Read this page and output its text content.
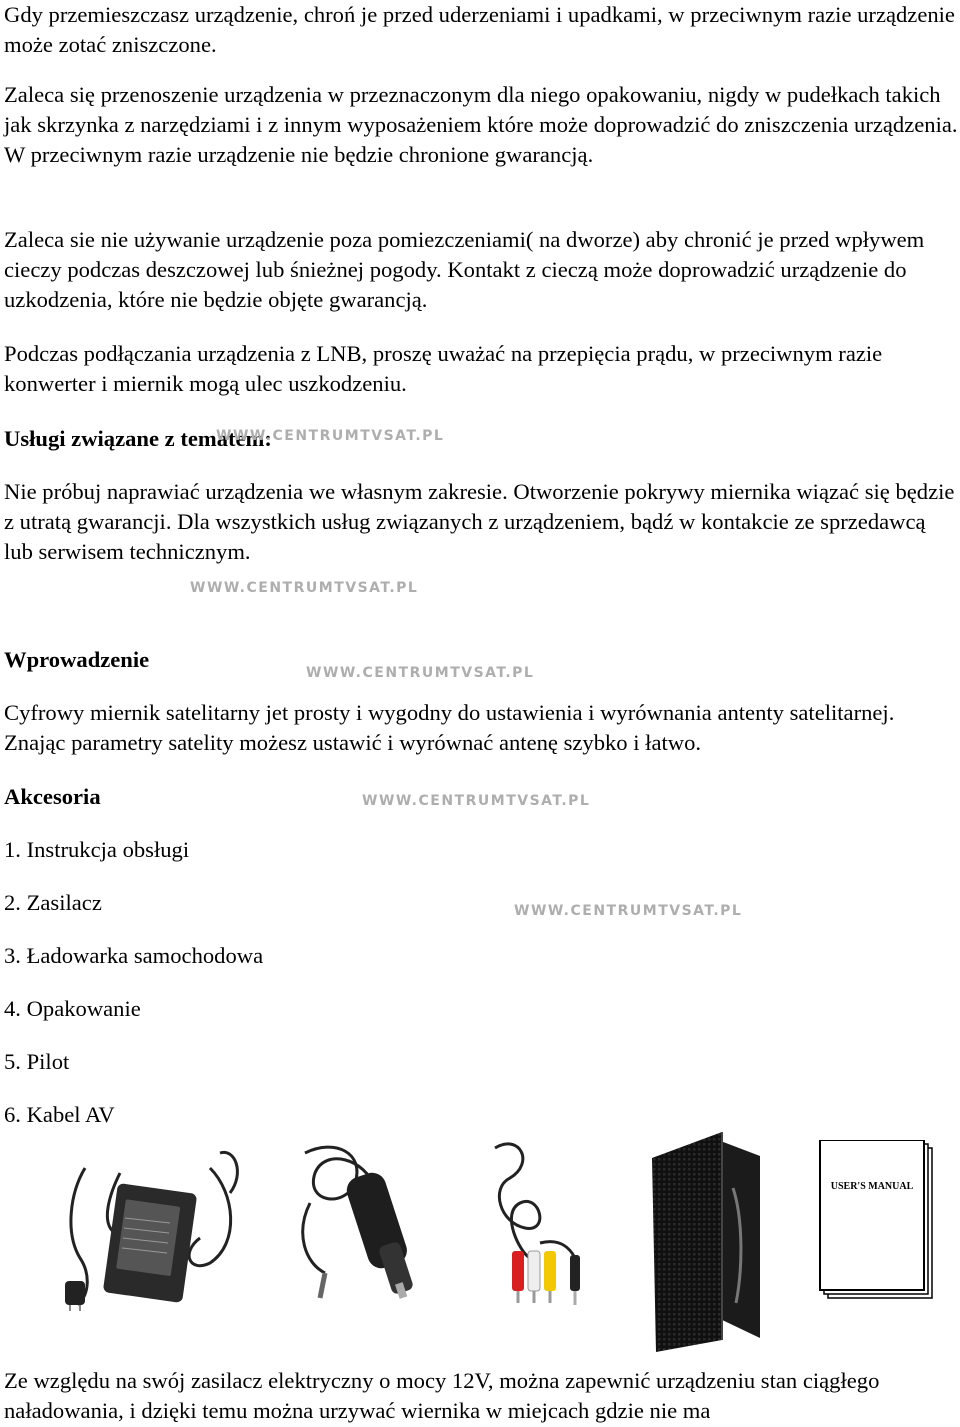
Gdy przemieszczasz urządzenie, chroń je przed uderzeniami i upadkami, w przeciwnym razie urządzenie może zotać zniszczone.

Zaleca się przenoszenie urządzenia w przeznaczonym dla niego opakowaniu, nigdy w pudełkach takich jak skrzynka z narzędziami i z innym wyposażeniem które może doprowadzić do zniszczenia urządzenia. W przeciwnym razie urządzenie nie będzie chronione gwarancją.

Zaleca sie nie używanie urządzenie poza pomiezczeniami( na dworze) aby chronić je przed wpływem cieczy podczas deszczowej lub śnieżnej pogody. Kontakt z cieczą może doprowadzić urządzenie do uzkodzenia, które nie będzie objęte gwarancją.

Podczas podłączania urządzenia z LNB, proszę uważać na przepięcia prądu, w przeciwnym razie konwerter i miernik mogą ulec uszkodzeniu.

Usługi związane z tematem:

Nie próbuj naprawiać urządzenia we własnym zakresie. Otworzenie pokrywy miernika wiązać się będzie z utratą gwarancji. Dla wszystkich usług związanych z urządzeniem, bądź w kontakcie ze sprzedawcą lub serwisem technicznym.

Wprowadzenie

Cyfrowy miernik satelitarny jet prosty i wygodny do ustawienia i wyrównania antenty satelitarnej. Znając parametry satelity możesz ustawić i wyrównać antenę szybko i łatwo.

Akcesoria

1. Instrukcja obsługi

2. Zasilacz

3. Ładowarka samochodowa

4. Opakowanie

5. Pilot

6. Kabel AV

Ze względu na swój zasilacz elektryczny o mocy 12V, można zapewnić urządzeniu stan ciągłego naładowania, i dzięki temu można urzywać wiernika w miejcach gdzie nie ma

WWW.CENTRUMTVSAT.PL
WWW.CENTRUMTVSAT.PL
WWW.CENTRUMTVSAT.PL
WWW.CENTRUMTVSAT.PL
WWW.CENTRUMTVSAT.PL
USER'S MANUAL
